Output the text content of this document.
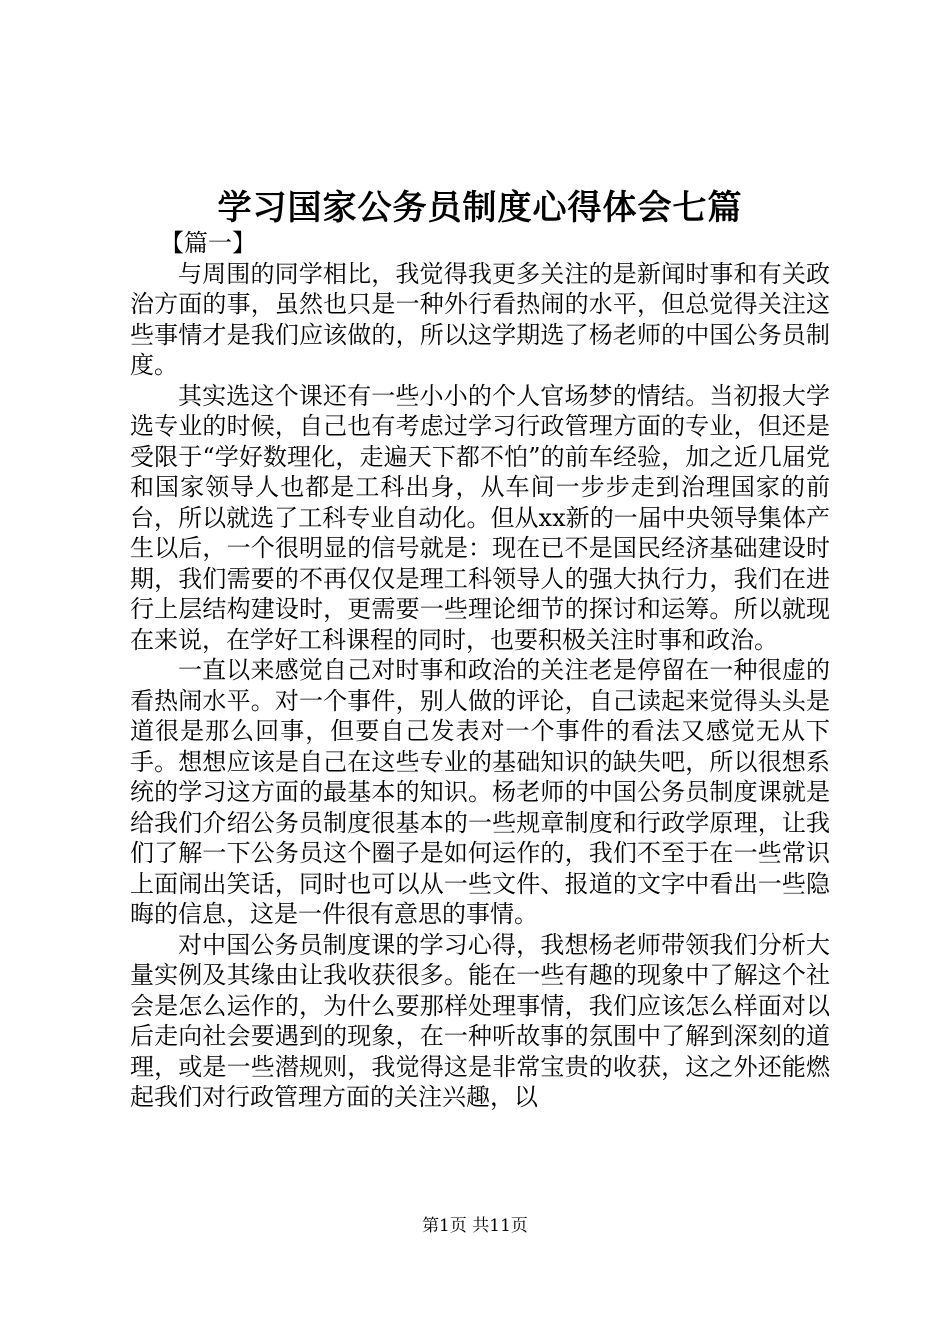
学习国家公务员制度心得体会七篇

【篇一】

与周围的同学相比，我觉得我更多关注的是新闻时事和有关政治方面的事，虽然也只是一种外行看热闹的水平，但总觉得关注这些事情才是我们应该做的，所以这学期选了杨老师的中国公务员制度。

其实选这个课还有一些小小的个人官场梦的情结。当初报大学选专业的时候，自己也有考虑过学习行政管理方面的专业，但还是受限于“学好数理化，走遍天下都不怕”的前车经验，加之近几届党和国家领导人也都是工科出身，从车间一步步走到治理国家的前台，所以就选了工科专业自动化。但从xx新的一届中央领导集体产生以后，一个很明显的信号就是：现在已不是国民经济基础建设时期，我们需要的不再仅仅是理工科领导人的强大执行力，我们在进行上层结构建设时，更需要一些理论细节的探讨和运筹。所以就现在来说，在学好工科课程的同时，也要积极关注时事和政治。

一直以来感觉自己对时事和政治的关注老是停留在一种很虚的看热闹水平。对一个事件，别人做的评论，自己读起来觉得头头是道很是那么回事，但要自己发表对一个事件的看法又感觉无从下手。想想应该是自己在这些专业的基础知识的缺失吧，所以很想系统的学习这方面的最基本的知识。杨老师的中国公务员制度课就是给我们介绍公务员制度很基本的一些规章制度和行政学原理，让我们了解一下公务员这个圈子是如何运作的，我们不至于在一些常识上面闹出笑话，同时也可以从一些文件、报道的文字中看出一些隐晦的信息，这是一件很有意思的事情。

对中国公务员制度课的学习心得，我想杨老师带领我们分析大量实例及其缘由让我收获很多。能在一些有趣的现象中了解这个社会是怎么运作的，为什么要那样处理事情，我们应该怎么样面对以后走向社会要遇到的现象，在一种听故事的氛围中了解到深刻的道理，或是一些潜规则，我觉得这是非常宝贵的收获，这之外还能燃起我们对行政管理方面的关注兴趣，以

第1页 共11页
